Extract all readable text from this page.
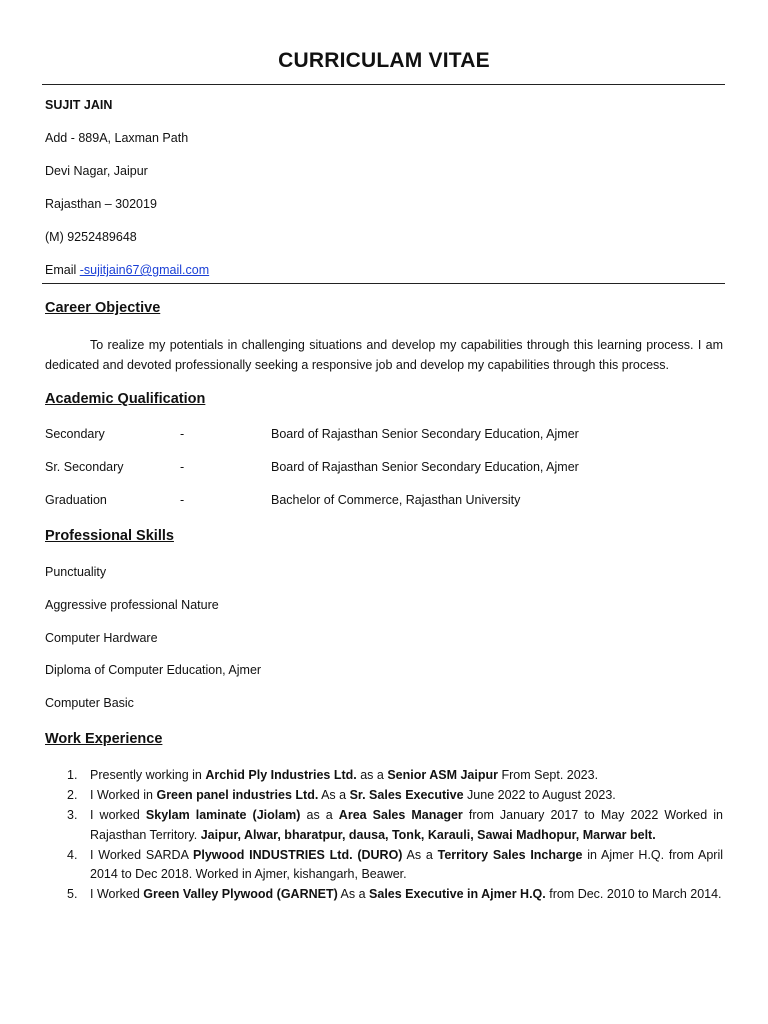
CURRICULAM VITAE
SUJIT JAIN
Add - 889A, Laxman Path
Devi Nagar, Jaipur
Rajasthan – 302019
(M) 9252489648
Email -sujitjain67@gmail.com
Career Objective
To realize my potentials in challenging situations and develop my capabilities through this learning process. I am dedicated and devoted professionally seeking a responsive job and develop my capabilities through this process.
Academic Qualification
Secondary	-	Board of Rajasthan Senior Secondary Education, Ajmer
Sr. Secondary	-	Board of Rajasthan Senior Secondary Education, Ajmer
Graduation	-	Bachelor of Commerce, Rajasthan University
Professional Skills
Punctuality
Aggressive professional Nature
Computer Hardware
Diploma of Computer Education, Ajmer
Computer Basic
Work Experience
1. Presently working in Archid Ply Industries Ltd. as a Senior ASM Jaipur From Sept. 2023.
2. I Worked in Green panel industries Ltd. As a Sr. Sales Executive June 2022 to August 2023.
3. I worked Skylam laminate (Jiolam) as a Area Sales Manager from January 2017 to May 2022 Worked in Rajasthan Territory. Jaipur, Alwar, bharatpur, dausa, Tonk, Karauli, Sawai Madhopur, Marwar belt.
4. I Worked SARDA Plywood INDUSTRIES Ltd. (DURO) As a Territory Sales Incharge in Ajmer H.Q. from April 2014 to Dec 2018. Worked in Ajmer, kishangarh, Beawer.
5. I Worked Green Valley Plywood (GARNET) As a Sales Executive in Ajmer H.Q. from Dec. 2010 to March 2014.
